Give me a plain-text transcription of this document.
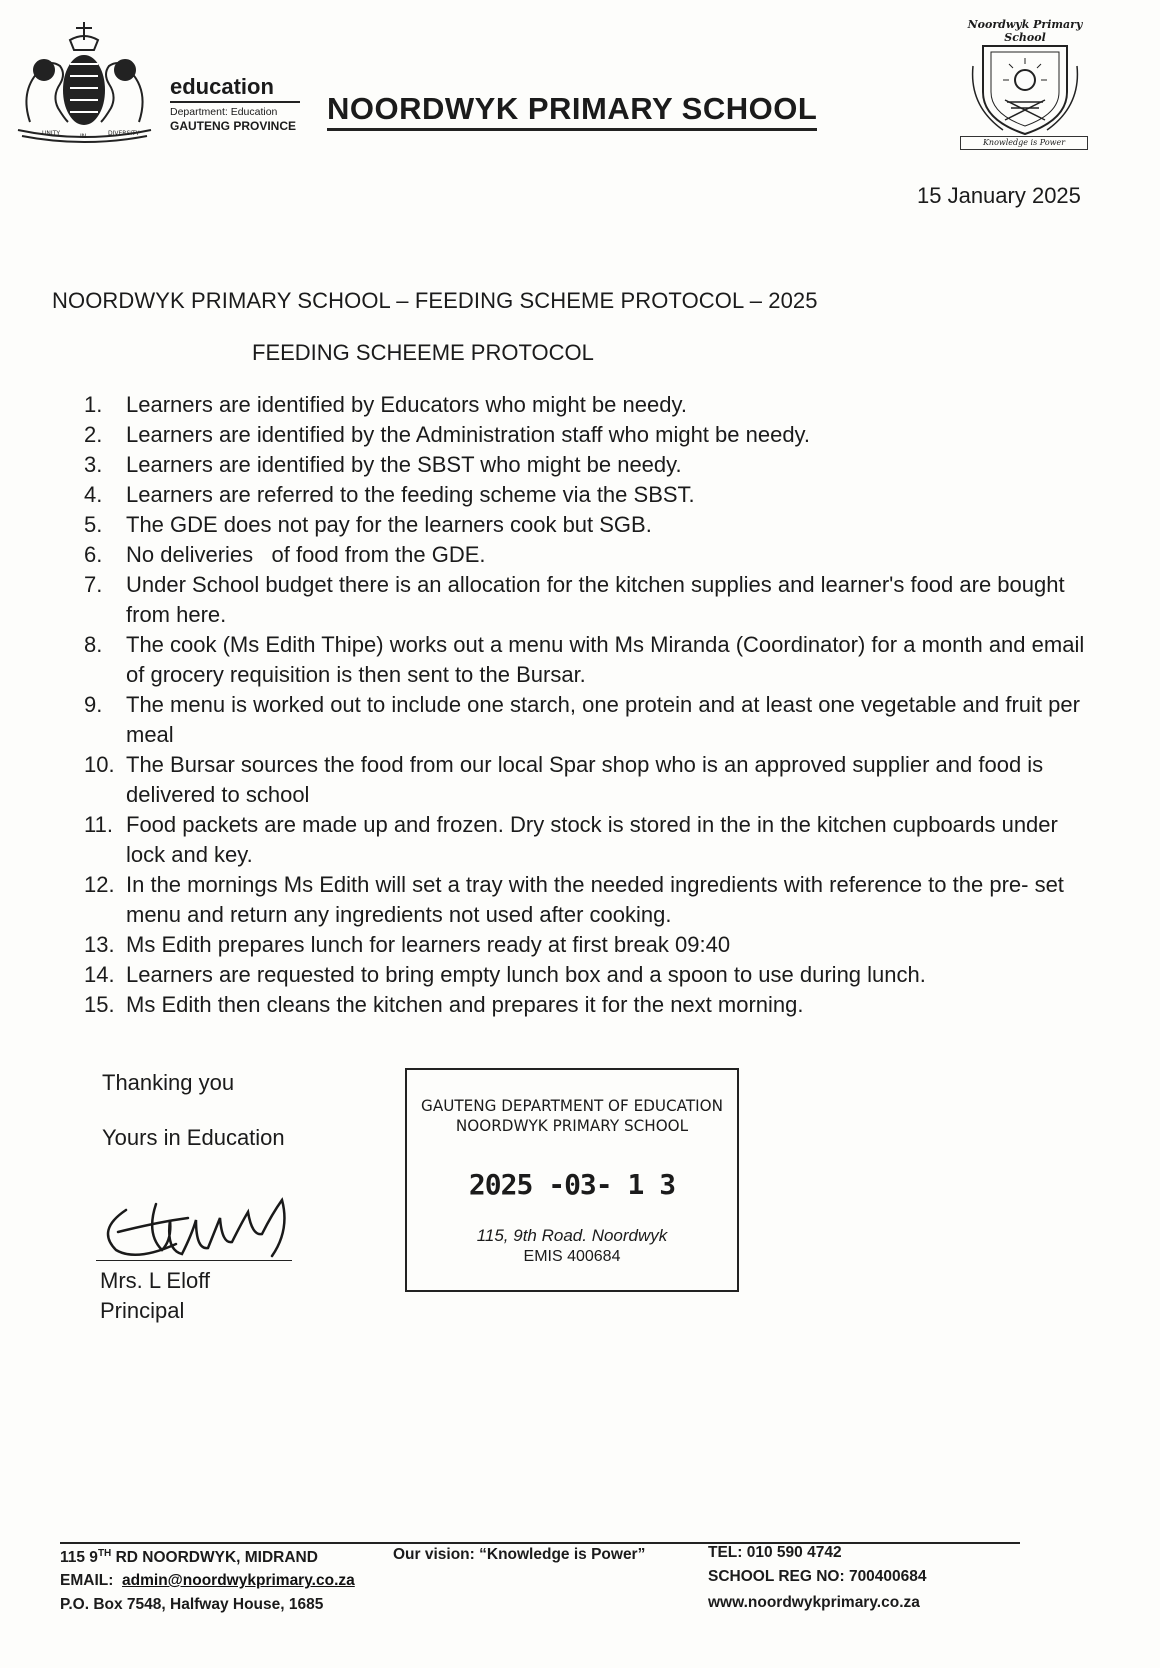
UNITY	IN	DIVERSITY
education
Department: Education
GAUTENG PROVINCE NOORDWYK PRIMARY SCHOOL
Noordwyk Primary School
Knowledge is Power
15 January 2025
NOORDWYK PRIMARY SCHOOL – FEEDING SCHEME PROTOCOL – 2025
FEEDING SCHEEME PROTOCOL
1.	Learners are identified by Educators who might be needy.
2.	Learners are identified by the Administration staff who might be needy.
3.	Learners are identified by the SBST who might be needy.
4.	Learners are referred to the feeding scheme via the SBST.
5.	The GDE does not pay for the learners cook but SGB.
6.	No deliveries   of food from the GDE.
7.	Under School budget there is an allocation for the kitchen supplies and learner's food are bought from here.
8.	The cook (Ms Edith Thipe) works out a menu with Ms Miranda (Coordinator) for a month and email of grocery requisition is then sent to the Bursar.
9.	The menu is worked out to include one starch, one protein and at least one vegetable and fruit per meal
10. The Bursar sources the food from our local Spar shop who is an approved supplier and food is delivered to school
11. Food packets are made up and frozen. Dry stock is stored in the in the kitchen cupboards under lock and key.
12. In the mornings Ms Edith will set a tray with the needed ingredients with reference to the pre- set menu and return any ingredients not used after cooking.
13. Ms Edith prepares lunch for learners ready at first break 09:40
14. Learners are requested to bring empty lunch box and a spoon to use during lunch.
15. Ms Edith then cleans the kitchen and prepares it for the next morning.
Thanking you
Yours in Education
Mrs. L Eloff
Principal
GAUTENG DEPARTMENT OF EDUCATION
NOORDWYK PRIMARY SCHOOL
2025 -03- 1 3
115, 9th Road. Noordwyk
EMIS 400684
115 9TH RD NOORDWYK, MIDRAND	Our vision: “Knowledge is Power”	TEL: 010 590 4742
EMAIL: admin@noordwykprimary.co.za	SCHOOL REG NO: 700400684
P.O. Box 7548, Halfway House, 1685	www.noordwykprimary.co.za
